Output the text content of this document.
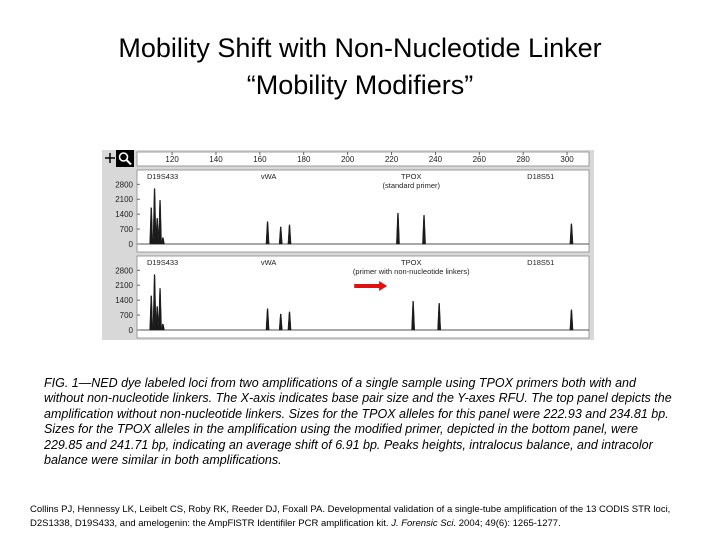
Mobility Shift with Non-Nucleotide Linker
“Mobility Modifiers”
120	140	160	180	200	220	240	260	280	300
0
700
1400
2100
2800
D19S433	vWA	TPOX
(standard primer)
D18S51
0
700
1400
2100
2800
D19S433	vWA	TPOX
(primer with non-nucleotide linkers)
D18S51

FIG. 1—NED dye labeled loci from two amplifications of a single sample using TPOX primers both with and without non-nucleotide linkers. The X-axis indicates base pair size and the Y-axes RFU. The top panel depicts the amplification without non-nucleotide linkers. Sizes for the TPOX alleles for this panel were 222.93 and 234.81 bp. Sizes for the TPOX alleles in the amplification using the modified primer, depicted in the bottom panel, were 229.85 and 241.71 bp, indicating an average shift of 6.91 bp. Peaks heights, intralocus balance, and intracolor balance were similar in both amplifications.

Collins PJ, Hennessy LK, Leibelt CS, Roby RK, Reeder DJ, Foxall PA. Developmental validation of a single-tube amplification of the 13 CODIS STR loci, D2S1338, D19S433, and amelogenin: the AmpFlSTR Identifiler PCR amplification kit. J. Forensic Sci. 2004; 49(6): 1265-1277.
